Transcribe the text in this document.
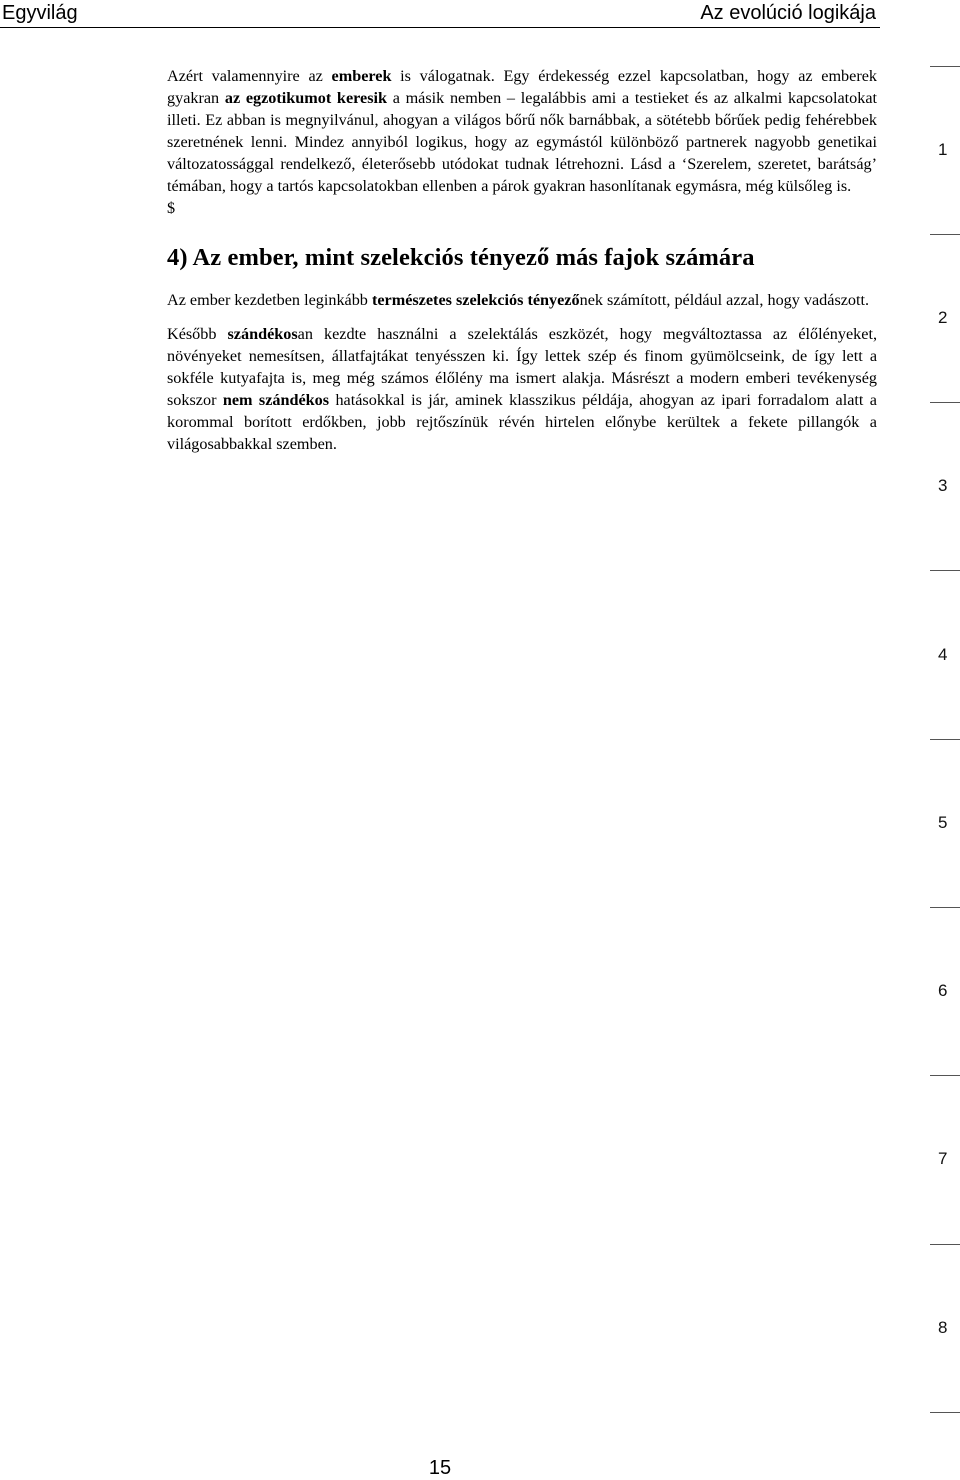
Egyvilág	Az evolúció logikája

Azért valamennyire az emberek is válogatnak. Egy érdekesség ezzel kapcsolatban, hogy az emberek gyakran az egzotikumot keresik a másik nemben – legalábbis ami a testieket és az alkalmi kapcsolatokat illeti. Ez abban is megnyilvánul, ahogyan a világos bőrű nők barnábbak, a sötétebb bőrűek pedig fehérebbek szeretnének lenni. Mindez annyiból logikus, hogy az egymástól különböző partnerek nagyobb genetikai változatossággal rendelkező, életerősebb utódokat tudnak létrehozni. Lásd a ‘Szerelem, szeretet, barátság’ témában, hogy a tartós kapcsolatokban ellenben a párok gyakran hasonlítanak egymásra, még külsőleg is.
$

4) Az ember, mint szelekciós tényező más fajok számára

Az ember kezdetben leginkább természetes szelekciós tényezőnek számított, például azzal, hogy vadászott.

Később szándékosan kezdte használni a szelektálás eszközét, hogy megváltoztassa az élőlényeket, növényeket nemesítsen, állatfajtákat tenyésszen ki. Így lettek szép és finom gyümölcseink, de így lett a sokféle kutyafajta is, meg még számos élőlény ma ismert alakja. Másrészt a modern emberi tevékenység sokszor nem szándékos hatásokkal is jár, aminek klasszikus példája, ahogyan az ipari forradalom alatt a korommal borított erdőkben, jobb rejtőszínük révén hirtelen előnybe kerültek a fekete pillangók a világosabbakkal szemben.

1
2
3
4
5
6
7
8
15
